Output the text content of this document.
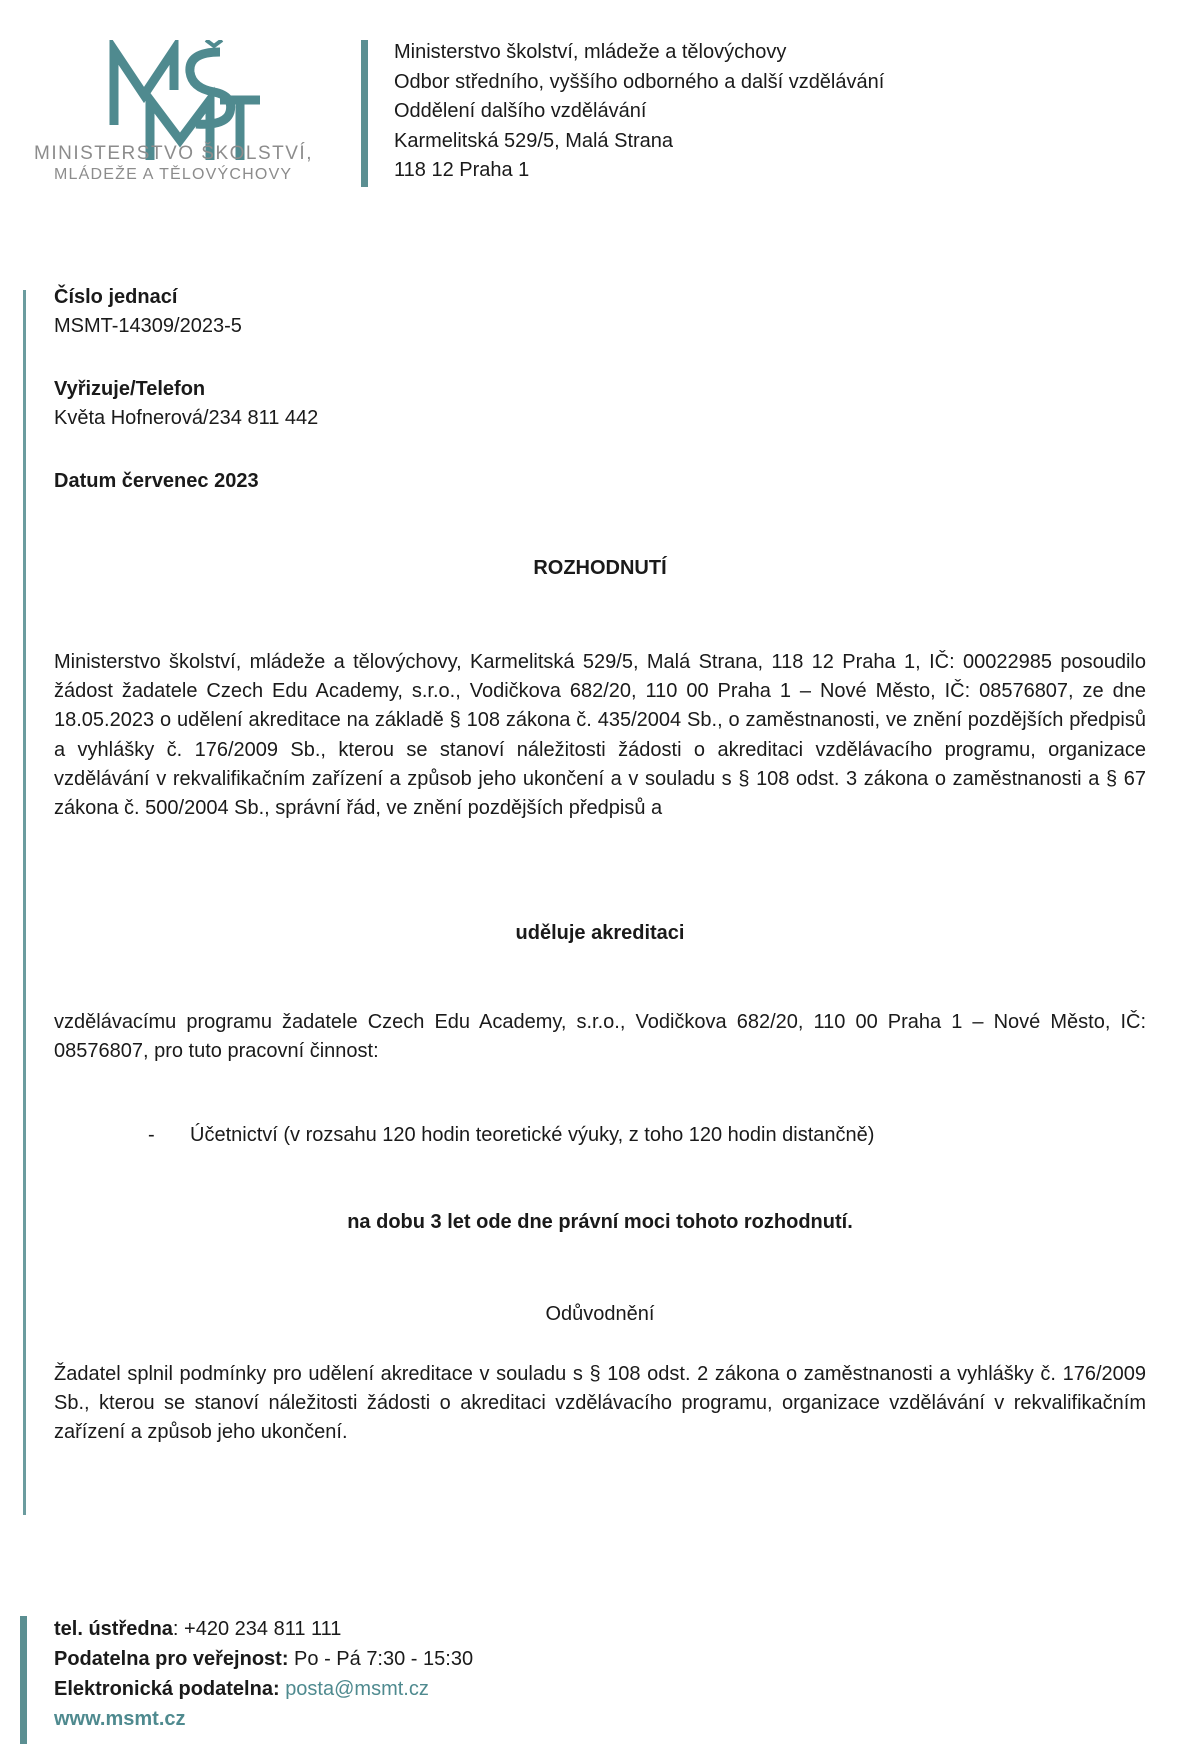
MINISTERSTVO ŠKOLSTVÍ,
MLÁDEŽE A TĚLOVÝCHOVY
Ministerstvo školství, mládeže a tělovýchovy
Odbor středního, vyššího odborného a další vzdělávání
Oddělení dalšího vzdělávání
Karmelitská 529/5, Malá Strana
118 12 Praha 1
Číslo jednací
MSMT-14309/2023-5
Vyřizuje/Telefon
Květa Hofnerová/234 811 442
Datum červenec 2023
ROZHODNUTÍ
Ministerstvo školství, mládeže a tělovýchovy, Karmelitská 529/5, Malá Strana, 118 12 Praha 1, IČ: 00022985 posoudilo žádost žadatele Czech Edu Academy, s.r.o., Vodičkova 682/20, 110 00 Praha 1 – Nové Město, IČ: 08576807, ze dne 18.05.2023 o udělení akreditace na základě § 108 zákona č. 435/2004 Sb., o zaměstnanosti, ve znění pozdějších předpisů a vyhlášky č. 176/2009 Sb., kterou se stanoví náležitosti žádosti o akreditaci vzdělávacího programu, organizace vzdělávání v rekvalifikačním zařízení a způsob jeho ukončení a v souladu s § 108 odst. 3 zákona o zaměstnanosti a § 67 zákona č. 500/2004 Sb., správní řád, ve znění pozdějších předpisů a
uděluje akreditaci
vzdělávacímu programu žadatele Czech Edu Academy, s.r.o., Vodičkova 682/20, 110 00 Praha 1 – Nové Město, IČ: 08576807, pro tuto pracovní činnost:
- Účetnictví (v rozsahu 120 hodin teoretické výuky, z toho 120 hodin distančně)
na dobu 3 let ode dne právní moci tohoto rozhodnutí.
Odůvodnění
Žadatel splnil podmínky pro udělení akreditace v souladu s § 108 odst. 2 zákona o zaměstnanosti a vyhlášky č. 176/2009 Sb., kterou se stanoví náležitosti žádosti o akreditaci vzdělávacího programu, organizace vzdělávání v rekvalifikačním zařízení a způsob jeho ukončení.
tel. ústředna: +420 234 811 111
Podatelna pro veřejnost: Po - Pá 7:30 - 15:30
Elektronická podatelna: posta@msmt.cz
www.msmt.cz
